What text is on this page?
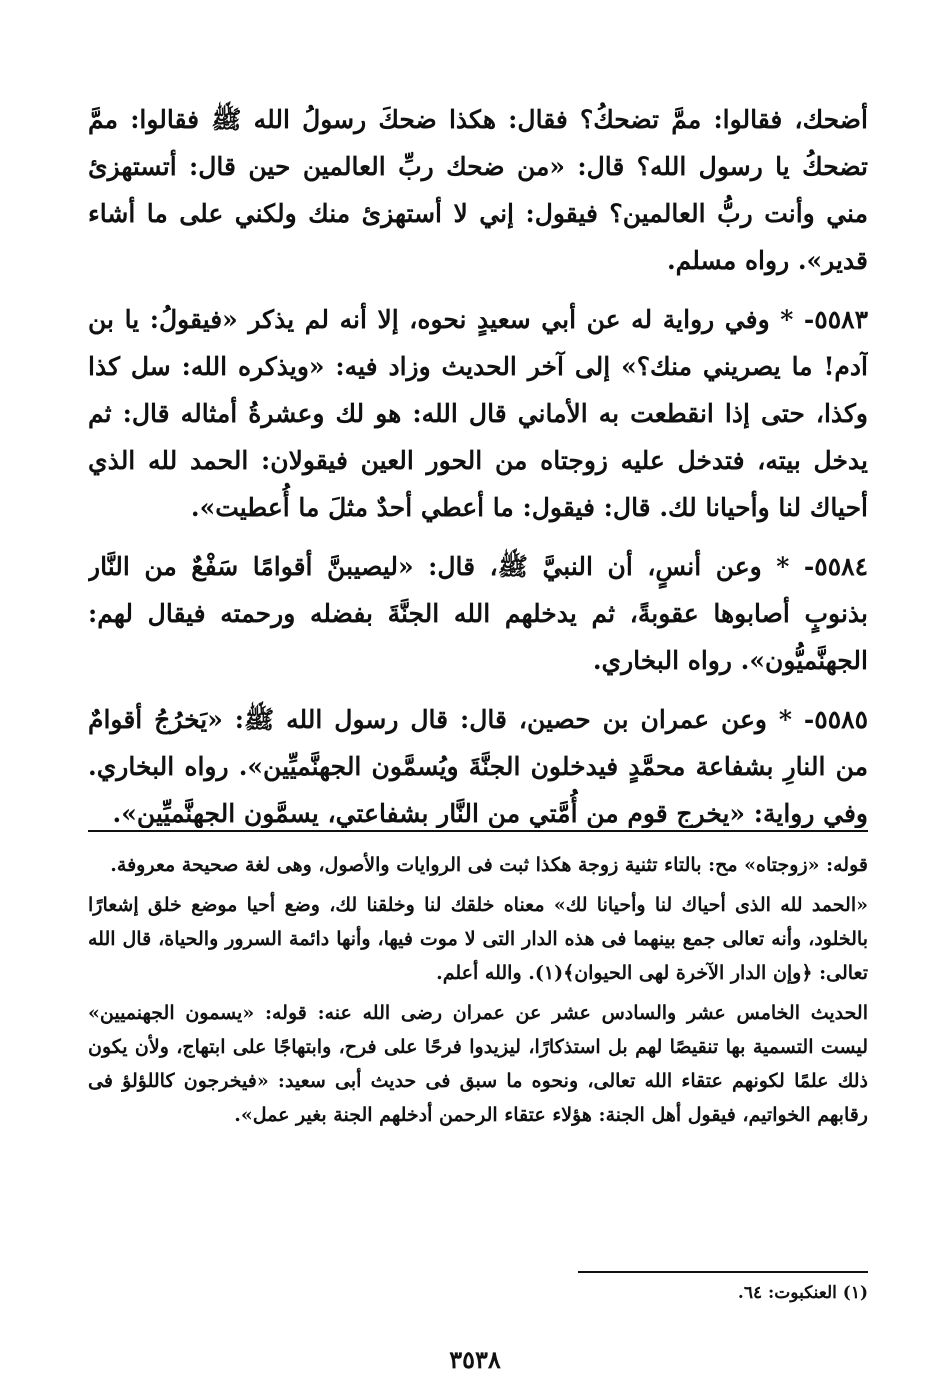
أضحك، فقالوا: ممَّ تضحكُ؟ فقال: هكذا ضحكَ رسولُ الله ﷺ فقالوا: ممَّ تضحكُ يا رسول الله؟ قال: «من ضحك ربِّ العالمين حين قال: أتستهزئ مني وأنت ربُّ العالمين؟ فيقول: إني لا أستهزئ منك ولكني على ما أشاء قدير». رواه مسلم.

٥٥٨٣- * وفي رواية له عن أبي سعيدٍ نحوه، إلا أنه لم يذكر «فيقولُ: يا بن آدم! ما يصريني منك؟» إلى آخر الحديث وزاد فيه: «ويذكره الله: سل كذا وكذا، حتى إذا انقطعت به الأماني قال الله: هو لك وعشرةُ أمثاله قال: ثم يدخل بيته، فتدخل عليه زوجتاه من الحور العين فيقولان: الحمد لله الذي أحياك لنا وأحيانا لك. قال: فيقول: ما أعطي أحدٌ مثلَ ما أُعطيت».

٥٥٨٤- * وعن أنسٍ، أن النبيَّ ﷺ، قال: «ليصيبنَّ أقوامًا سَفْعٌ من النَّار بذنوبٍ أصابوها عقوبةً، ثم يدخلهم الله الجنَّةَ بفضله ورحمته فيقال لهم: الجهنَّميُّون». رواه البخاري.

٥٥٨٥- * وعن عمران بن حصين، قال: قال رسول الله ﷺ: «يَخرُجُ أقوامٌ من النارِ بشفاعة محمَّدٍ فيدخلون الجنَّةَ ويُسمَّون الجهنَّميِّين». رواه البخاري. وفي رواية: «يخرج قوم من أُمَّتي من النَّار بشفاعتي، يسمَّون الجهنَّميِّين».

قوله: «زوجتاه» مح: بالتاء تثنية زوجة هكذا ثبت فى الروايات والأصول، وهى لغة صحيحة معروفة.

«الحمد لله الذى أحياك لنا وأحيانا لك» معناه خلقك لنا وخلقنا لك، وضع أحيا موضع خلق إشعارًا بالخلود، وأنه تعالى جمع بينهما فى هذه الدار التى لا موت فيها، وأنها دائمة السرور والحياة، قال الله تعالى: ﴿وإن الدار الآخرة لهى الحيوان﴾(١). والله أعلم.

الحديث الخامس عشر والسادس عشر عن عمران رضى الله عنه: قوله: «يسمون الجهنميين» ليست التسمية بها تنقيصًا لهم بل استذكارًا، ليزيدوا فرحًا على فرح، وابتهاجًا على ابتهاج، ولأن يكون ذلك علمًا لكونهم عتقاء الله تعالى، ونحوه ما سبق فى حديث أبى سعيد: «فيخرجون كاللؤلؤ فى رقابهم الخواتيم، فيقول أهل الجنة: هؤلاء عتقاء الرحمن أدخلهم الجنة بغير عمل».

(١) العنكبوت: ٦٤.
٣٥٣٨
